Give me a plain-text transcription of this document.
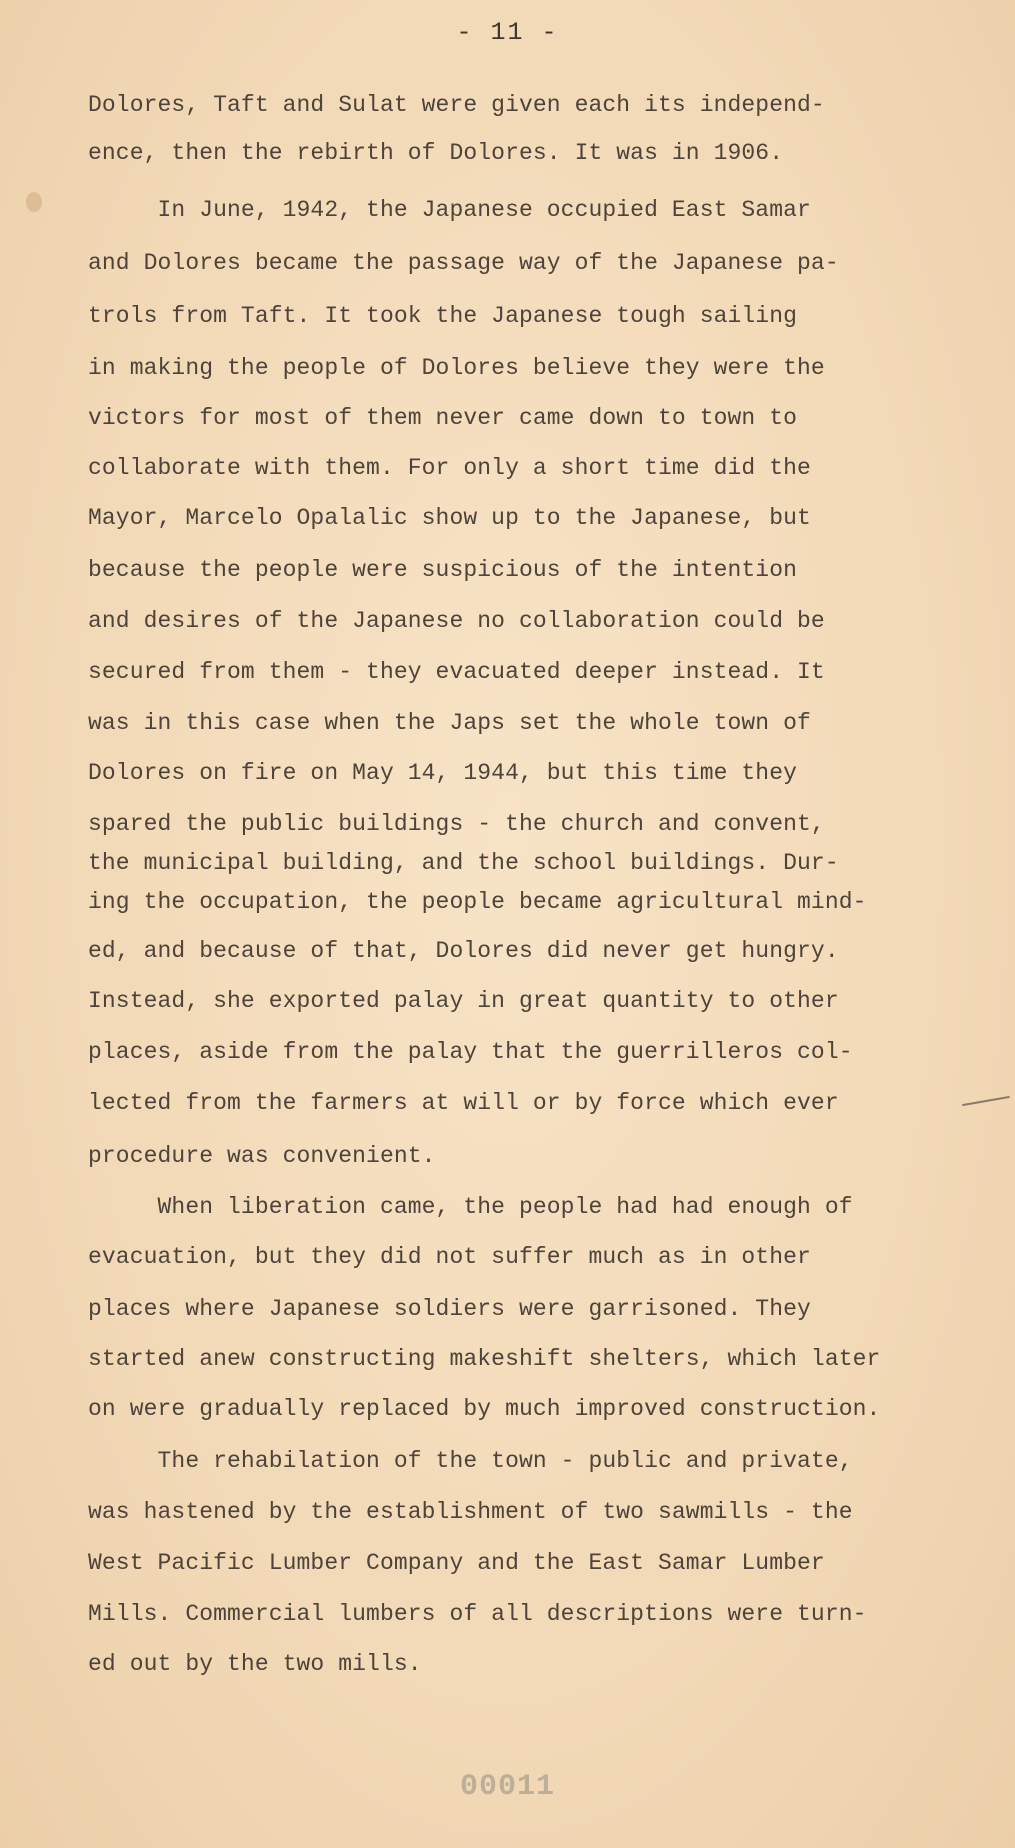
- 11 -
Dolores, Taft and Sulat were given each its independ-
ence, then the rebirth of Dolores. It was in 1906.
In June, 1942, the Japanese occupied East Samar
and Dolores became the passage way of the Japanese pa-
trols from Taft. It took the Japanese tough sailing
in making the people of Dolores believe they were the
victors for most of them never came down to town to
collaborate with them. For only a short time did the
Mayor, Marcelo Opalalic show up to the Japanese, but
because the people were suspicious of the intention
and desires of the Japanese no collaboration could be
secured from them - they evacuated deeper instead. It
was in this case when the Japs set the whole town of
Dolores on fire on May 14, 1944, but this time they
spared the public buildings - the church and convent,
the municipal building, and the school buildings. Dur-
ing the occupation, the people became agricultural mind-
ed, and because of that, Dolores did never get hungry.
Instead, she exported palay in great quantity to other
places, aside from the palay that the guerrilleros col-
lected from the farmers at will or by force which ever
procedure was convenient.
When liberation came, the people had had enough of
evacuation, but they did not suffer much as in other
places where Japanese soldiers were garrisoned. They
started anew constructing makeshift shelters, which later
on were gradually replaced by much improved construction.
The rehabilation of the town - public and private,
was hastened by the establishment of two sawmills - the
West Pacific Lumber Company and the East Samar Lumber
Mills. Commercial lumbers of all descriptions were turn-
ed out by the two mills.
00011
